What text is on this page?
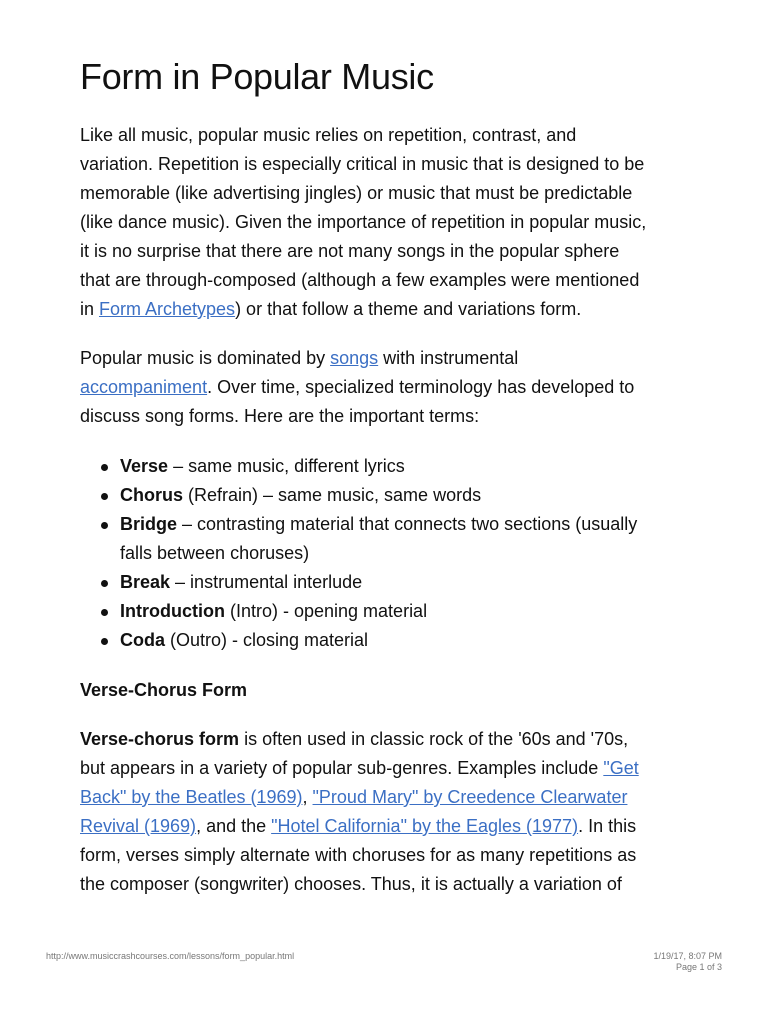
Form in Popular Music

Like all music, popular music relies on repetition, contrast, and
variation. Repetition is especially critical in music that is designed to be
memorable (like advertising jingles) or music that must be predictable
(like dance music). Given the importance of repetition in popular music,
it is no surprise that there are not many songs in the popular sphere
that are through-composed (although a few examples were mentioned
in Form Archetypes) or that follow a theme and variations form.

Popular music is dominated by songs with instrumental
accompaniment. Over time, specialized terminology has developed to
discuss song forms. Here are the important terms:

Verse – same music, different lyrics
Chorus (Refrain) – same music, same words
Bridge – contrasting material that connects two sections (usually
falls between choruses)
Break – instrumental interlude
Introduction (Intro) - opening material
Coda (Outro) - closing material
Verse-Chorus Form

Verse-chorus form is often used in classic rock of the '60s and '70s,
but appears in a variety of popular sub-genres. Examples include "Get
Back" by the Beatles (1969), "Proud Mary" by Creedence Clearwater
Revival (1969), and the "Hotel California" by the Eagles (1977). In this
form, verses simply alternate with choruses for as many repetitions as
the composer (songwriter) chooses. Thus, it is actually a variation of

http://www.musiccrashcourses.com/lessons/form_popular.html	1/19/17, 8:07 PM
Page 1 of 3
